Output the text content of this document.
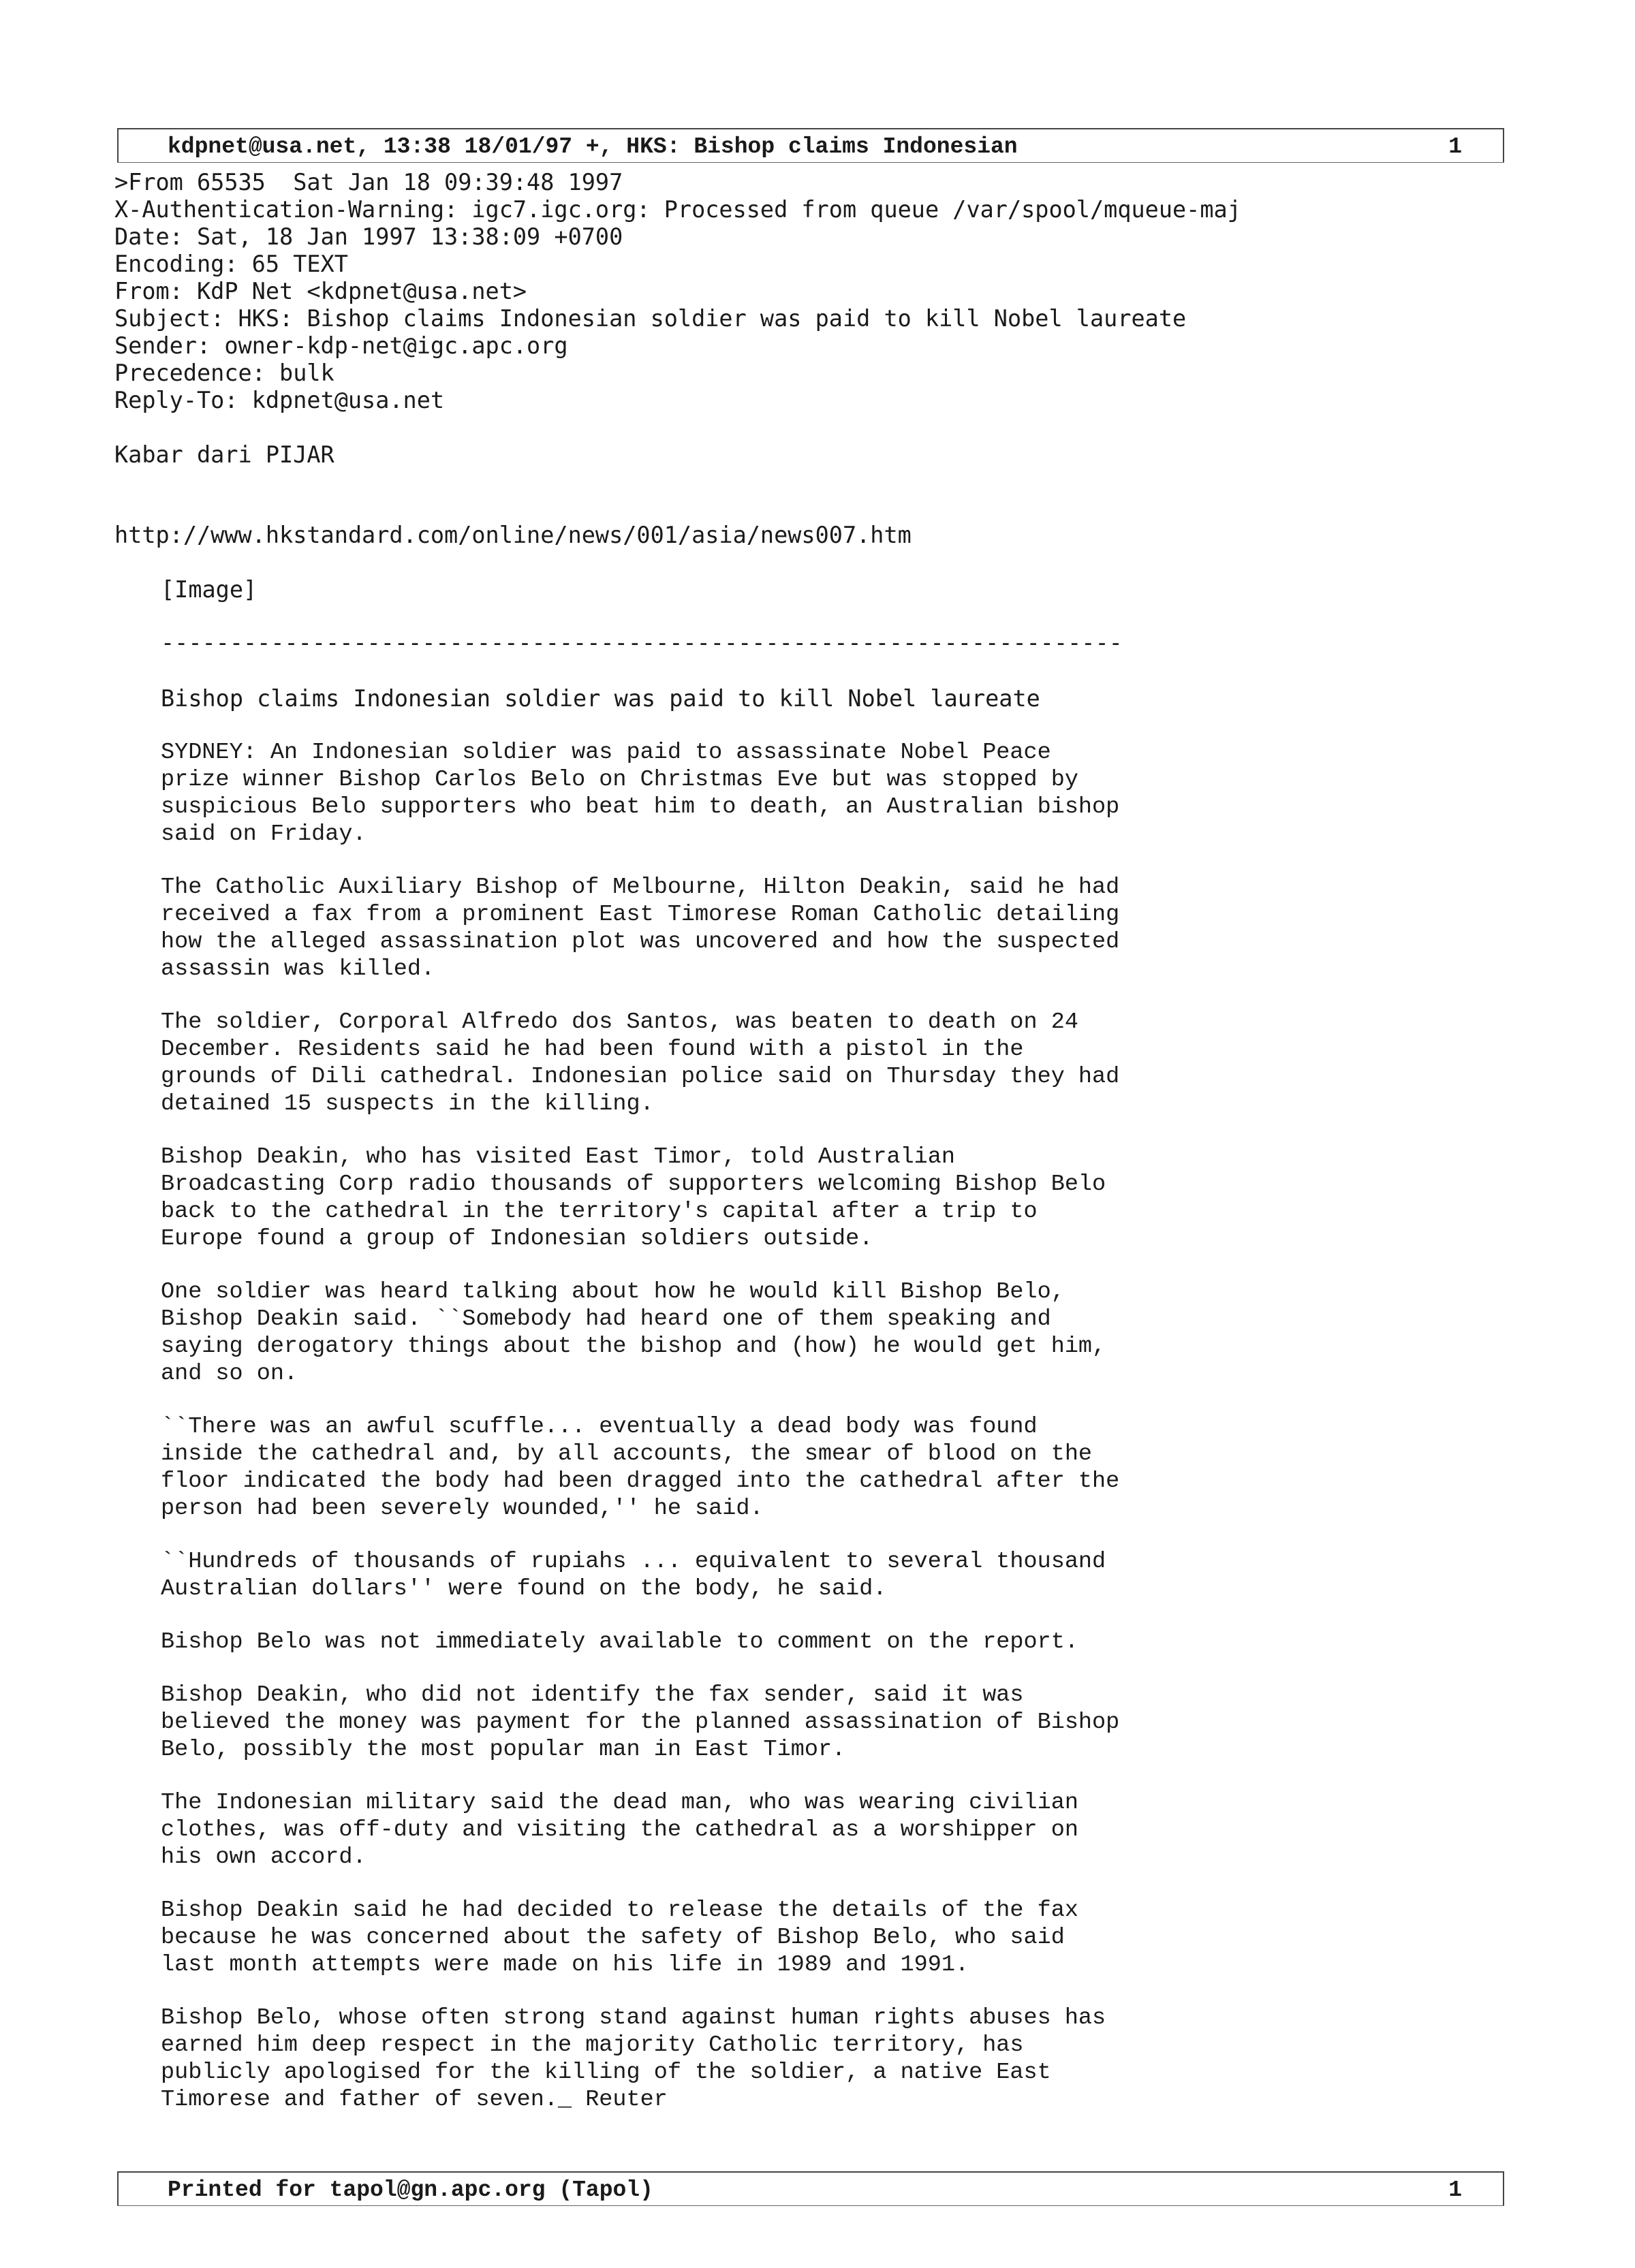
kdpnet@usa.net, 13:38 18/01/97 +, HKS: Bishop claims Indonesian	1
>From 65535  Sat Jan 18 09:39:48 1997
X-Authentication-Warning: igc7.igc.org: Processed from queue /var/spool/mqueue-maj
Date: Sat, 18 Jan 1997 13:38:09 +0700
Encoding: 65 TEXT
From: KdP Net <kdpnet@usa.net>
Subject: HKS: Bishop claims Indonesian soldier was paid to kill Nobel laureate
Sender: owner-kdp-net@igc.apc.org
Precedence: bulk
Reply-To: kdpnet@usa.net
Kabar dari PIJAR
http://www.hkstandard.com/online/news/001/asia/news007.htm
[Image]
----------------------------------------------------------------------
Bishop claims Indonesian soldier was paid to kill Nobel laureate

SYDNEY: An Indonesian soldier was paid to assassinate Nobel Peace
prize winner Bishop Carlos Belo on Christmas Eve but was stopped by
suspicious Belo supporters who beat him to death, an Australian bishop
said on Friday.

The Catholic Auxiliary Bishop of Melbourne, Hilton Deakin, said he had
received a fax from a prominent East Timorese Roman Catholic detailing
how the alleged assassination plot was uncovered and how the suspected
assassin was killed.

The soldier, Corporal Alfredo dos Santos, was beaten to death on 24
December. Residents said he had been found with a pistol in the
grounds of Dili cathedral. Indonesian police said on Thursday they had
detained 15 suspects in the killing.

Bishop Deakin, who has visited East Timor, told Australian
Broadcasting Corp radio thousands of supporters welcoming Bishop Belo
back to the cathedral in the territory's capital after a trip to
Europe found a group of Indonesian soldiers outside.

One soldier was heard talking about how he would kill Bishop Belo,
Bishop Deakin said. ``Somebody had heard one of them speaking and
saying derogatory things about the bishop and (how) he would get him,
and so on.

``There was an awful scuffle... eventually a dead body was found
inside the cathedral and, by all accounts, the smear of blood on the
floor indicated the body had been dragged into the cathedral after the
person had been severely wounded,'' he said.

``Hundreds of thousands of rupiahs ... equivalent to several thousand
Australian dollars'' were found on the body, he said.

Bishop Belo was not immediately available to comment on the report.

Bishop Deakin, who did not identify the fax sender, said it was
believed the money was payment for the planned assassination of Bishop
Belo, possibly the most popular man in East Timor.

The Indonesian military said the dead man, who was wearing civilian
clothes, was off-duty and visiting the cathedral as a worshipper on
his own accord.

Bishop Deakin said he had decided to release the details of the fax
because he was concerned about the safety of Bishop Belo, who said
last month attempts were made on his life in 1989 and 1991.

Bishop Belo, whose often strong stand against human rights abuses has
earned him deep respect in the majority Catholic territory, has
publicly apologised for the killing of the soldier, a native East
Timorese and father of seven._ Reuter

Printed for tapol@gn.apc.org (Tapol)	1
